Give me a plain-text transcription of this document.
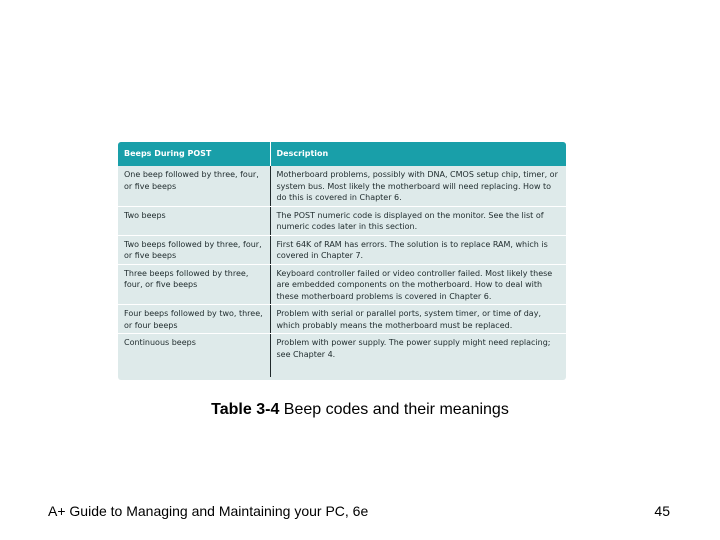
Beeps During POST	Description
One beep followed by three, four, or five beeps	Motherboard problems, possibly with DNA, CMOS setup chip, timer, or system bus. Most likely the motherboard will need replacing. How to do this is covered in Chapter 6.
Two beeps	The POST numeric code is displayed on the monitor. See the list of numeric codes later in this section.
Two beeps followed by three, four, or five beeps	First 64K of RAM has errors. The solution is to replace RAM, which is covered in Chapter 7.
Three beeps followed by three, four, or five beeps	Keyboard controller failed or video controller failed. Most likely these are embedded components on the motherboard. How to deal with these motherboard problems is covered in Chapter 6.
Four beeps followed by two, three, or four beeps	Problem with serial or parallel ports, system timer, or time of day, which probably means the motherboard must be replaced.
Continuous beeps	Problem with power supply. The power supply might need replacing; see Chapter 4.
Table 3-4 Beep codes and their meanings
A+ Guide to Managing and Maintaining your PC, 6e	45
